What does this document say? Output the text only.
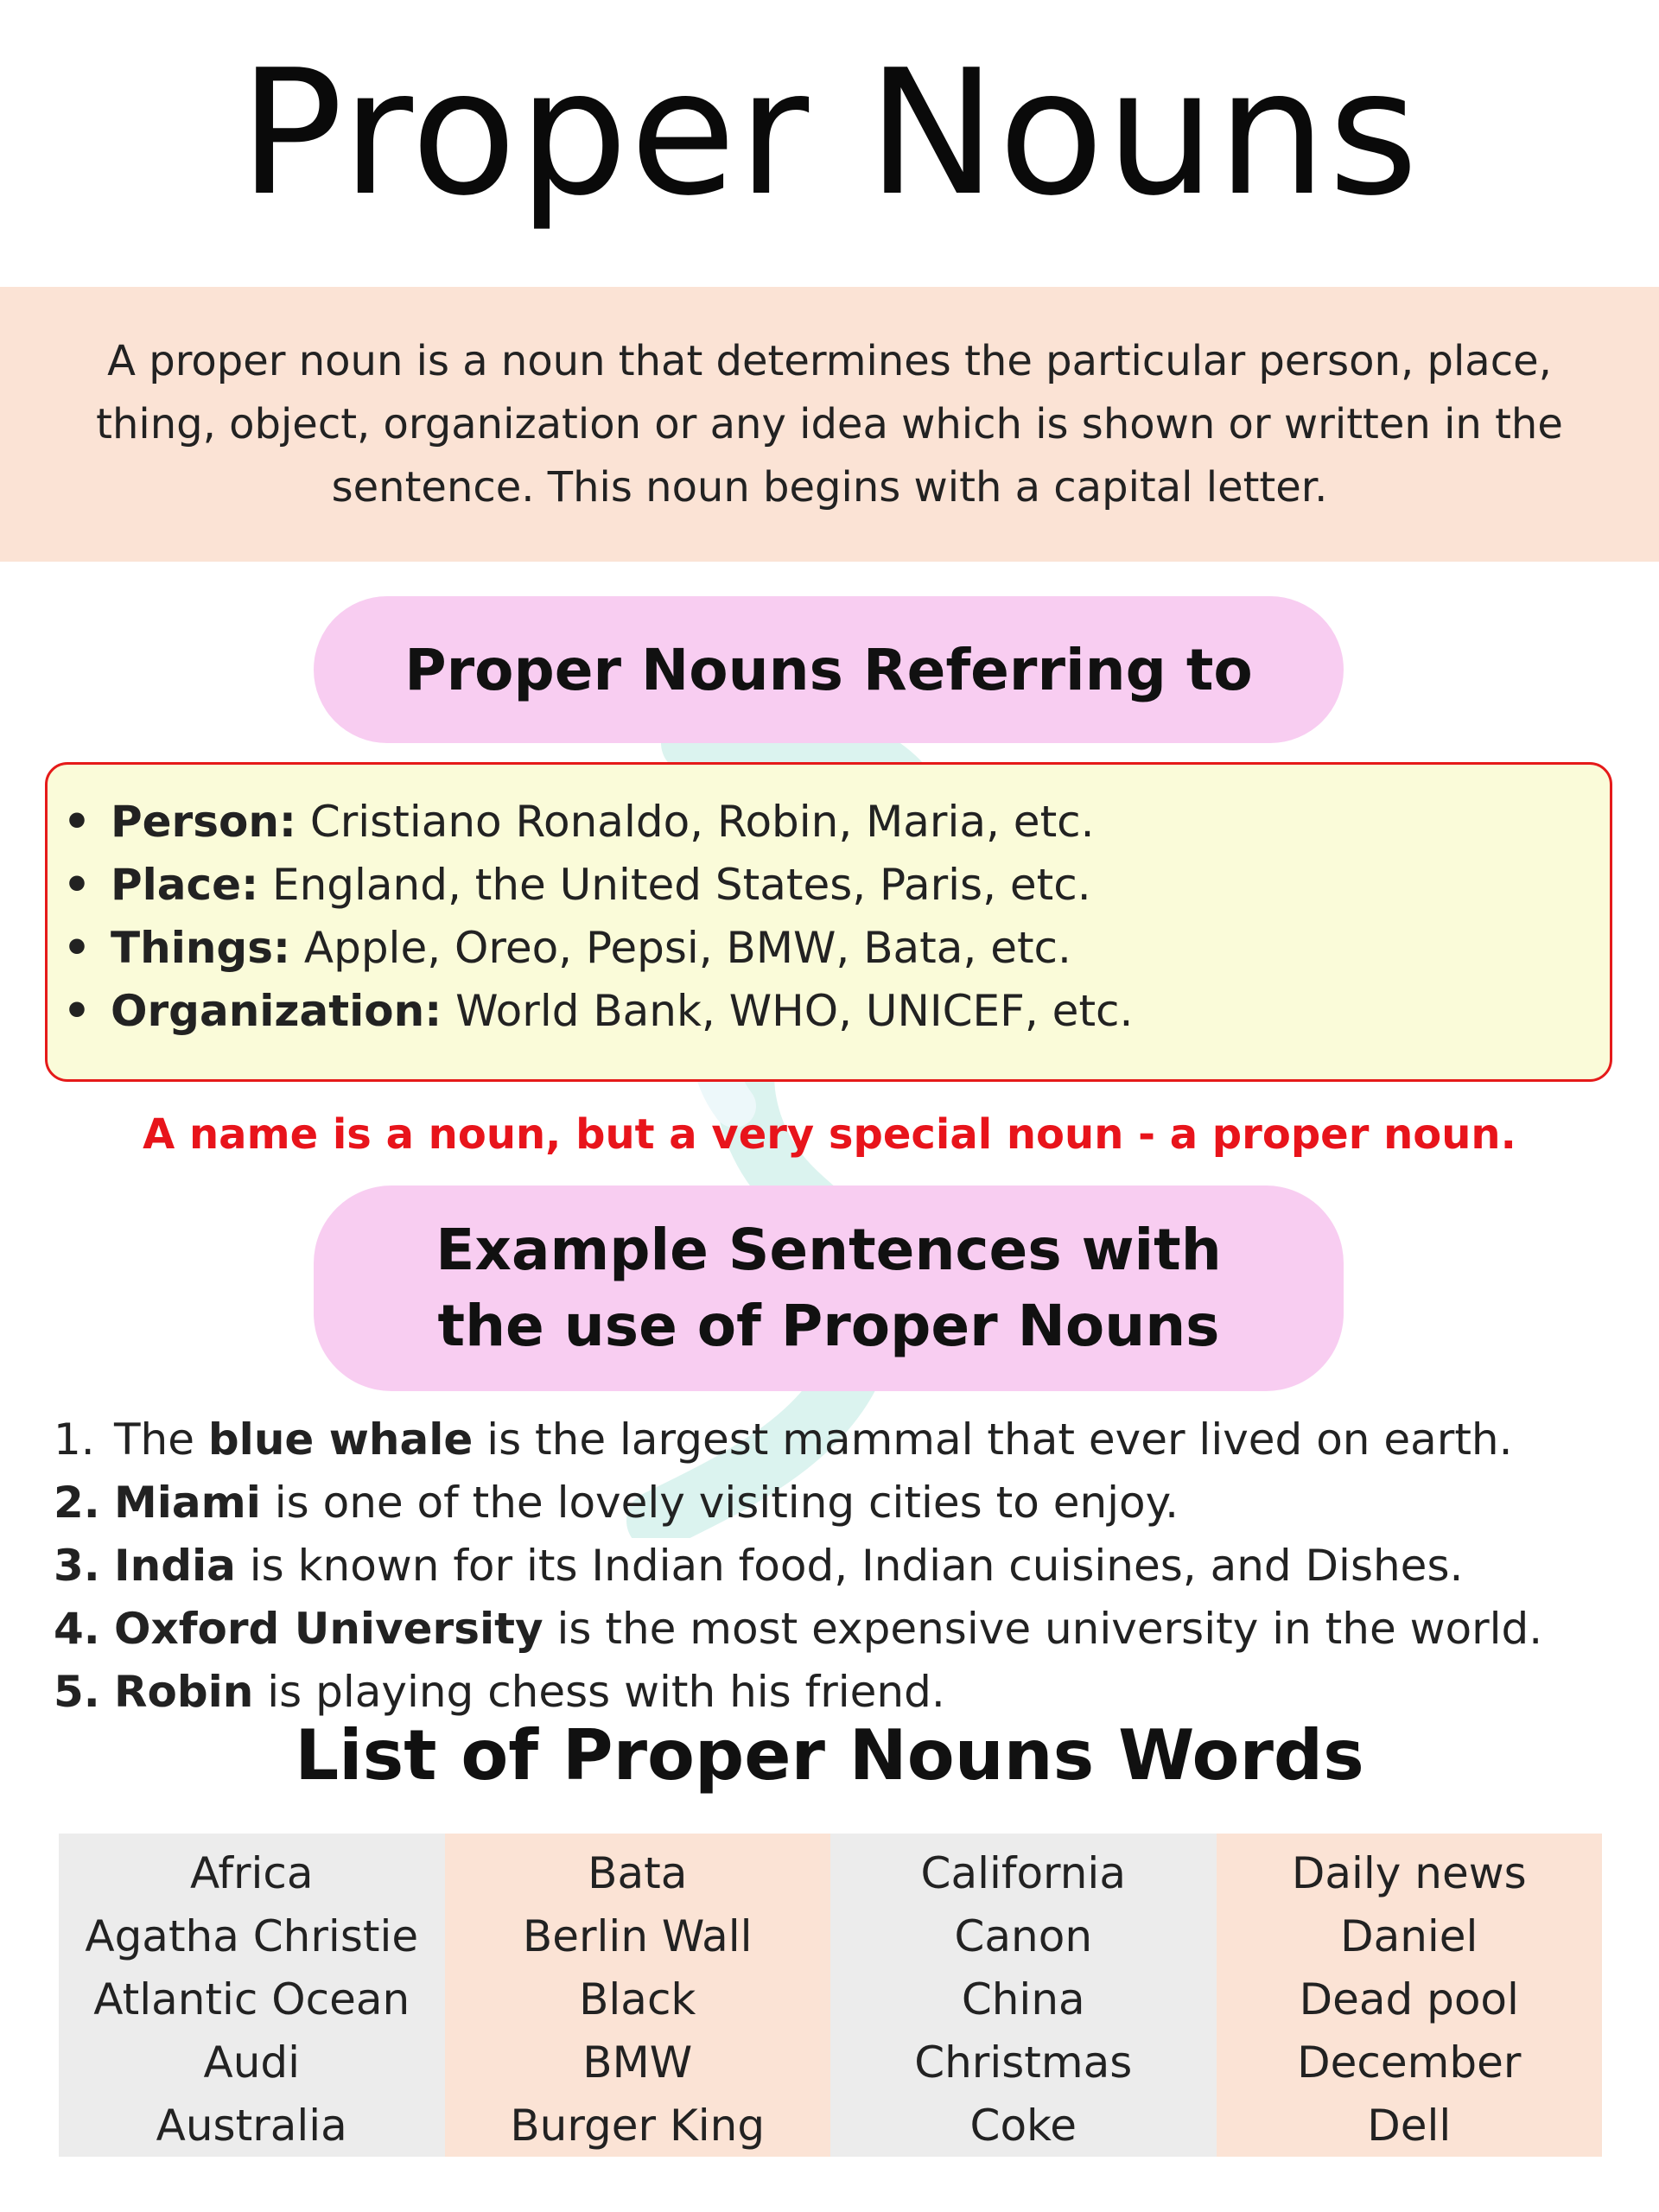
Proper Nouns

A proper noun is a noun that determines the particular person, place, thing, object, organization or any idea which is shown or written in the sentence. This noun begins with a capital letter.

Proper Nouns Referring to
• Person: Cristiano Ronaldo, Robin, Maria, etc.
• Place: England, the United States, Paris, etc.
• Things: Apple, Oreo, Pepsi, BMW, Bata, etc.
• Organization: World Bank, WHO, UNICEF, etc.
A name is a noun, but a very special noun - a proper noun.
Example Sentences with
the use of Proper Nouns
1. The blue whale is the largest mammal that ever lived on earth.
2. Miami is one of the lovely visiting cities to enjoy.
3. India is known for its Indian food, Indian cuisines, and Dishes.
4. Oxford University is the most expensive university in the world.
5. Robin is playing chess with his friend.
List of Proper Nouns Words
Africa
Agatha Christie
Atlantic Ocean
Audi
Australia
Bata
Berlin Wall
Black
BMW
Burger King
California
Canon
China
Christmas
Coke
Daily news
Daniel
Dead pool
December
Dell
